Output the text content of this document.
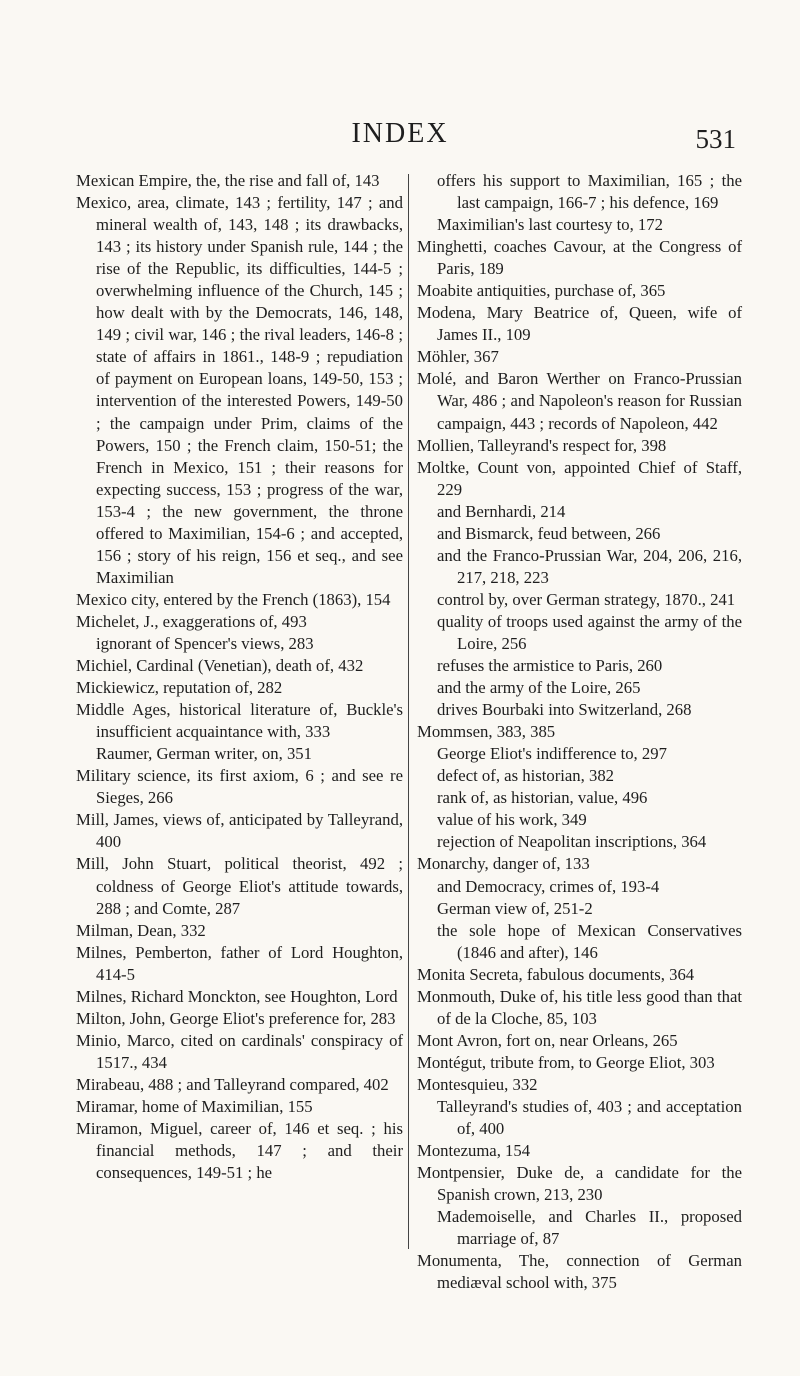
INDEX	531

Mexican Empire, the, the rise and fall of, 143

Mexico, area, climate, 143 ; fertility, 147 ; and mineral wealth of, 143, 148 ; its drawbacks, 143 ; its history under Spanish rule, 144 ; the rise of the Republic, its difficulties, 144-5 ; overwhelming influence of the Church, 145 ; how dealt with by the Democrats, 146, 148, 149 ; civil war, 146 ; the rival leaders, 146-8 ; state of affairs in 1861., 148-9 ; repudiation of payment on European loans, 149-50, 153 ; intervention of the interested Powers, 149-50 ; the campaign under Prim, claims of the Powers, 150 ; the French claim, 150-51; the French in Mexico, 151 ; their reasons for expecting success, 153 ; progress of the war, 153-4 ; the new government, the throne offered to Maximilian, 154-6 ; and accepted, 156 ; story of his reign, 156 et seq., and see Maximilian

Mexico city, entered by the French (1863), 154

Michelet, J., exaggerations of, 493

ignorant of Spencer's views, 283

Michiel, Cardinal (Venetian), death of, 432

Mickiewicz, reputation of, 282

Middle Ages, historical literature of, Buckle's insufficient acquaintance with, 333

Raumer, German writer, on, 351

Military science, its first axiom, 6 ; and see re Sieges, 266

Mill, James, views of, anticipated by Talleyrand, 400

Mill, John Stuart, political theorist, 492 ; coldness of George Eliot's attitude towards, 288 ; and Comte, 287

Milman, Dean, 332

Milnes, Pemberton, father of Lord Houghton, 414-5

Milnes, Richard Monckton, see Houghton, Lord

Milton, John, George Eliot's preference for, 283

Minio, Marco, cited on cardinals' conspiracy of 1517., 434

Mirabeau, 488 ; and Talleyrand compared, 402

Miramar, home of Maximilian, 155

Miramon, Miguel, career of, 146 et seq. ; his financial methods, 147 ; and their consequences, 149-51 ; he

offers his support to Maximilian, 165 ; the last campaign, 166-7 ; his defence, 169

Maximilian's last courtesy to, 172

Minghetti, coaches Cavour, at the Congress of Paris, 189

Moabite antiquities, purchase of, 365

Modena, Mary Beatrice of, Queen, wife of James II., 109

Möhler, 367

Molé, and Baron Werther on Franco-Prussian War, 486 ; and Napoleon's reason for Russian campaign, 443 ; records of Napoleon, 442

Mollien, Talleyrand's respect for, 398

Moltke, Count von, appointed Chief of Staff, 229

and Bernhardi, 214

and Bismarck, feud between, 266

and the Franco-Prussian War, 204, 206, 216, 217, 218, 223

control by, over German strategy, 1870., 241

quality of troops used against the army of the Loire, 256

refuses the armistice to Paris, 260

and the army of the Loire, 265

drives Bourbaki into Switzerland, 268

Mommsen, 383, 385

George Eliot's indifference to, 297

defect of, as historian, 382

rank of, as historian, value, 496

value of his work, 349

rejection of Neapolitan inscriptions, 364

Monarchy, danger of, 133

and Democracy, crimes of, 193-4

German view of, 251-2

the sole hope of Mexican Conservatives (1846 and after), 146

Monita Secreta, fabulous documents, 364

Monmouth, Duke of, his title less good than that of de la Cloche, 85, 103

Mont Avron, fort on, near Orleans, 265

Montégut, tribute from, to George Eliot, 303

Montesquieu, 332

Talleyrand's studies of, 403 ; and acceptation of, 400

Montezuma, 154

Montpensier, Duke de, a candidate for the Spanish crown, 213, 230

Mademoiselle, and Charles II., proposed marriage of, 87

Monumenta, The, connection of German mediæval school with, 375
